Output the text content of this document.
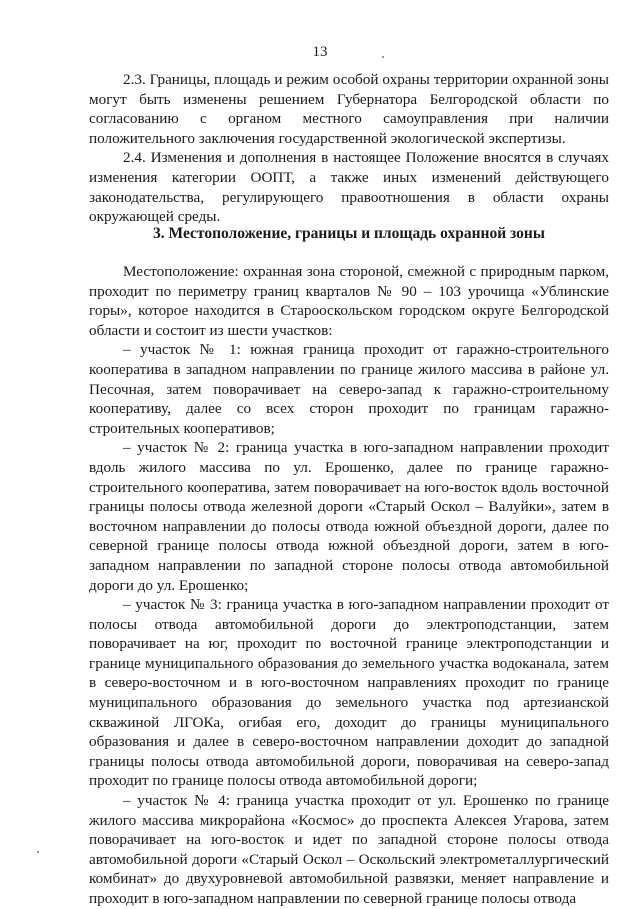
13

2.3. Границы, площадь и режим особой охраны территории охранной зоны могут быть изменены решением Губернатора Белгородской области по согласованию с органом местного самоуправления при наличии положительного заключения государственной экологической экспертизы.

2.4. Изменения и дополнения в настоящее Положение вносятся в случаях изменения категории ООПТ, а также иных изменений действующего законодательства, регулирующего правоотношения в области охраны окружающей среды.

3. Местоположение, границы и площадь охранной зоны

Местоположение: охранная зона стороной, смежной с природным парком, проходит по периметру границ кварталов № 90 – 103 урочища «Ублинские горы», которое находится в Старооскольском городском округе Белгородской области и состоит из шести участков:

– участок № 1: южная граница проходит от гаражно-строительного кооператива в западном направлении по границе жилого массива в районе ул. Песочная, затем поворачивает на северо-запад к гаражно-строительному кооперативу, далее со всех сторон проходит по границам гаражно-строительных кооперативов;

– участок № 2: граница участка в юго-западном направлении проходит вдоль жилого массива по ул. Ерошенко, далее по границе гаражно-строительного кооператива, затем поворачивает на юго-восток вдоль восточной границы полосы отвода железной дороги «Старый Оскол – Валуйки», затем в восточном направлении до полосы отвода южной объездной дороги, далее по северной границе полосы отвода южной объездной дороги, затем в юго-западном направлении по западной стороне полосы отвода автомобильной дороги до ул. Ерошенко;

– участок № 3: граница участка в юго-западном направлении проходит от полосы отвода автомобильной дороги до электроподстанции, затем поворачивает на юг, проходит по восточной границе электроподстанции и границе муниципального образования до земельного участка водоканала, затем в северо-восточном и в юго-восточном направлениях проходит по границе муниципального образования до земельного участка под артезианской скважиной ЛГОКа, огибая его, доходит до границы муниципального образования и далее в северо-восточном направлении доходит до западной границы полосы отвода автомобильной дороги, поворачивая на северо-запад проходит по границе полосы отвода автомобильной дороги;

– участок № 4: граница участка проходит от ул. Ерошенко по границе жилого массива микрорайона «Космос» до проспекта Алексея Угарова, затем поворачивает на юго-восток и идет по западной стороне полосы отвода автомобильной дороги «Старый Оскол – Оскольский электрометаллургический комбинат» до двухуровневой автомобильной развязки, меняет направление и проходит в юго-западном направлении по северной границе полосы отвода
